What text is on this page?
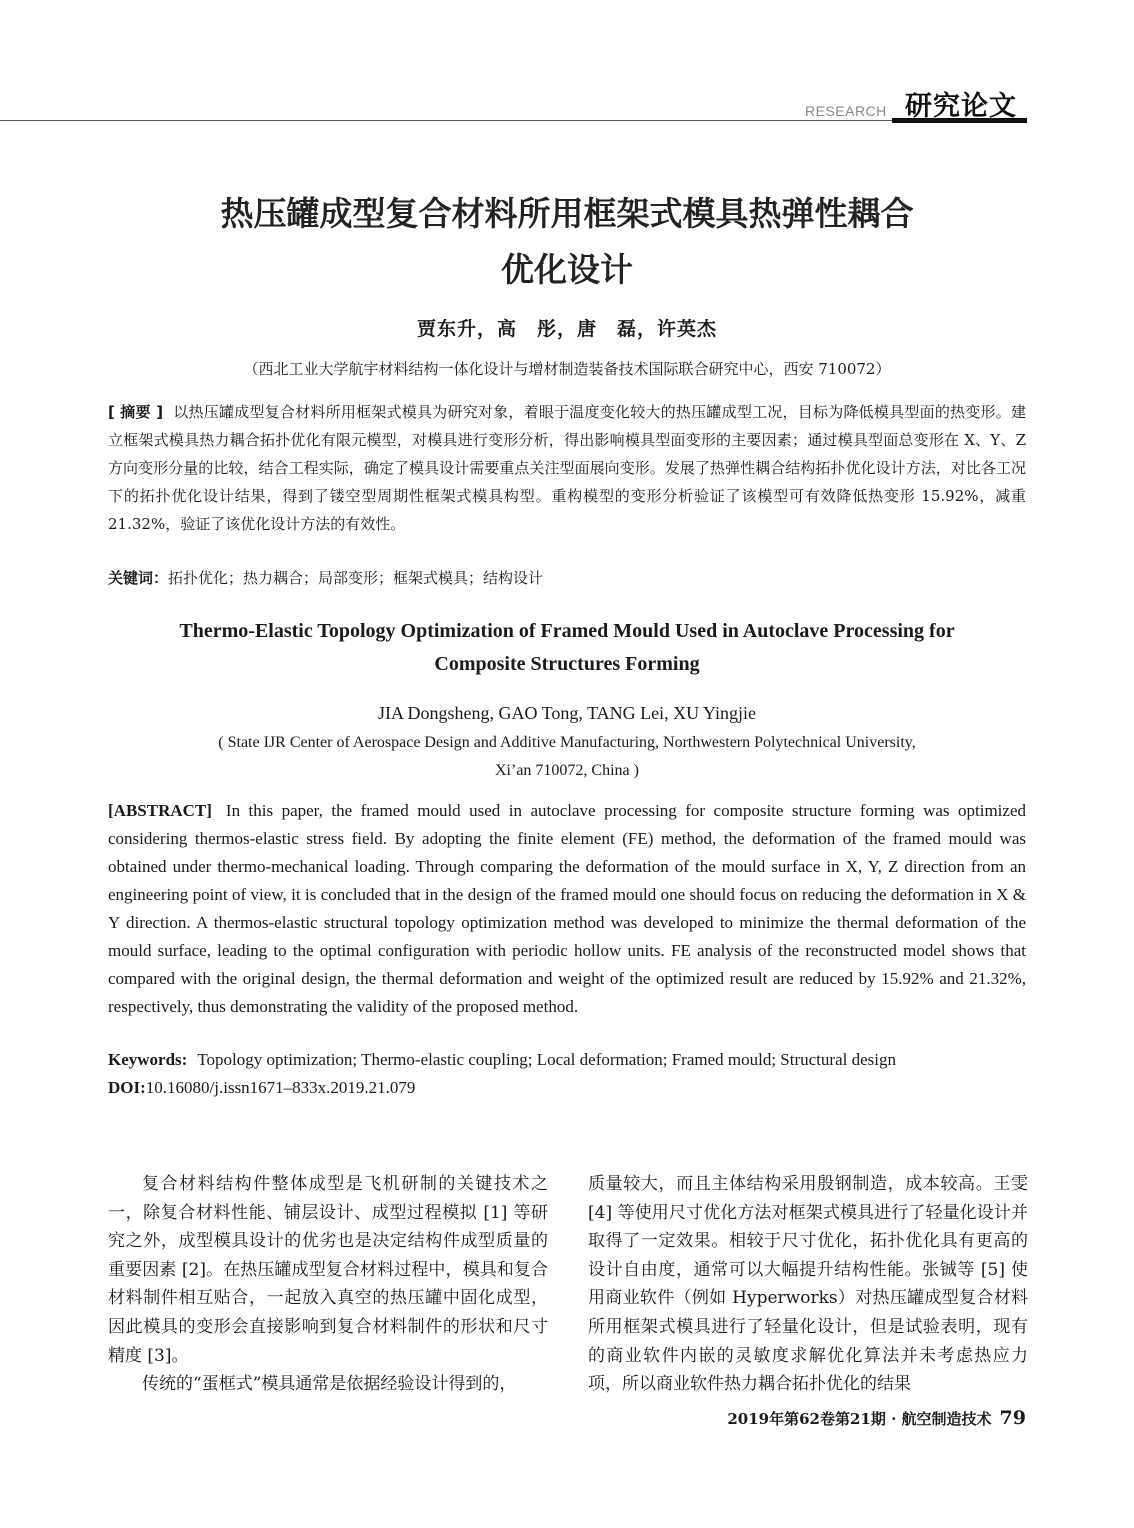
RESEARCH 研究论文
热压罐成型复合材料所用框架式模具热弹性耦合
优化设计
贾东升，高　彤，唐　磊，许英杰
（西北工业大学航宇材料结构一体化设计与增材制造装备技术国际联合研究中心，西安 710072）
[ 摘要 ] 以热压罐成型复合材料所用框架式模具为研究对象，着眼于温度变化较大的热压罐成型工况，目标为降低模具型面的热变形。建立框架式模具热力耦合拓扑优化有限元模型，对模具进行变形分析，得出影响模具型面变形的主要因素；通过模具型面总变形在 X、Y、Z 方向变形分量的比较，结合工程实际，确定了模具设计需要重点关注型面展向变形。发展了热弹性耦合结构拓扑优化设计方法，对比各工况下的拓扑优化设计结果，得到了镂空型周期性框架式模具构型。重构模型的变形分析验证了该模型可有效降低热变形 15.92%，减重 21.32%，验证了该优化设计方法的有效性。
关键词：拓扑优化；热力耦合；局部变形；框架式模具；结构设计
Thermo-Elastic Topology Optimization of Framed Mould Used in Autoclave Processing for
Composite Structures Forming
JIA Dongsheng, GAO Tong, TANG Lei, XU Yingjie
( State IJR Center of Aerospace Design and Additive Manufacturing, Northwestern Polytechnical University,
Xi’an 710072, China )
[ABSTRACT] In this paper, the framed mould used in autoclave processing for composite structure forming was optimized considering thermos-elastic stress field. By adopting the finite element (FE) method, the deformation of the framed mould was obtained under thermo-mechanical loading. Through comparing the deformation of the mould surface in X, Y, Z direction from an engineering point of view, it is concluded that in the design of the framed mould one should focus on reducing the deformation in X & Y direction. A thermos-elastic structural topology optimization method was developed to minimize the thermal deformation of the mould surface, leading to the optimal configuration with periodic hollow units. FE analysis of the reconstructed model shows that compared with the original design, the thermal deformation and weight of the optimized result are reduced by 15.92% and 21.32%, respectively, thus demonstrating the validity of the proposed method.
Keywords: Topology optimization; Thermo-elastic coupling; Local deformation; Framed mould; Structural design
DOI:10.16080/j.issn1671–833x.2019.21.079

复合材料结构件整体成型是飞机研制的关键技术之一，除复合材料性能、铺层设计、成型过程模拟 [1] 等研究之外，成型模具设计的优劣也是决定结构件成型质量的重要因素 [2]。在热压罐成型复合材料过程中，模具和复合材料制件相互贴合，一起放入真空的热压罐中固化成型，因此模具的变形会直接影响到复合材料制件的形状和尺寸精度 [3]。

传统的“蛋框式”模具通常是依据经验设计得到的，

质量较大，而且主体结构采用殷钢制造，成本较高。王雯 [4] 等使用尺寸优化方法对框架式模具进行了轻量化设计并取得了一定效果。相较于尺寸优化，拓扑优化具有更高的设计自由度，通常可以大幅提升结构性能。张铖等 [5] 使用商业软件（例如 Hyperworks）对热压罐成型复合材料所用框架式模具进行了轻量化设计，但是试验表明，现有的商业软件内嵌的灵敏度求解优化算法并未考虑热应力项，所以商业软件热力耦合拓扑优化的结果

2019年第62卷第21期 · 航空制造技术 79
